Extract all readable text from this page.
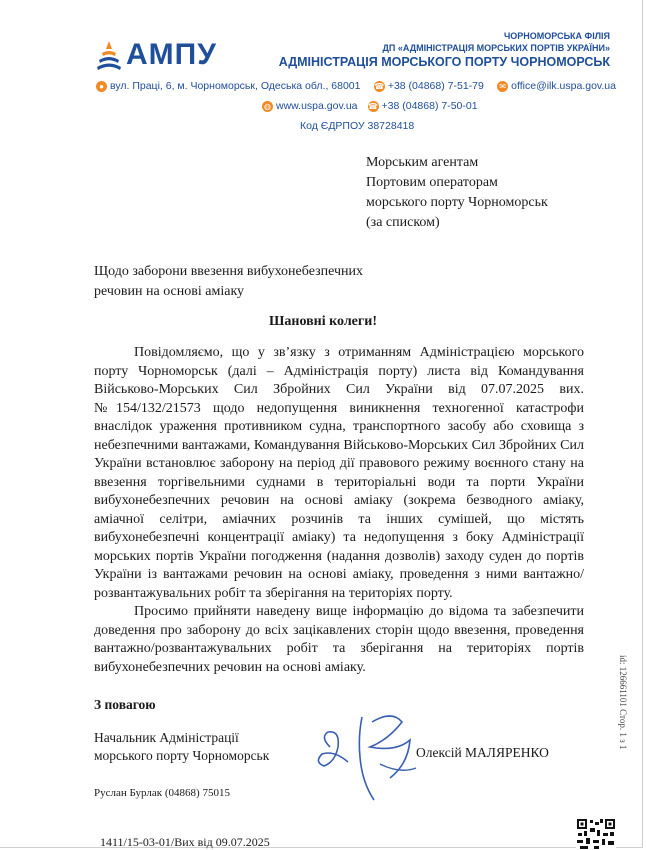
АМПУ
ЧОРНОМОРСЬКА ФІЛІЯ
ДП «АДМІНІСТРАЦІЯ МОРСЬКИХ ПОРТІВ УКРАЇНИ»
АДМІНІСТРАЦІЯ МОРСЬКОГО ПОРТУ ЧОРНОМОРСЬК
● вул. Праці, 6, м. Чорноморськ, Одеська обл., 68001 ☎ +38 (04868) 7-51-79 ✉ office@ilk.uspa.gov.ua
◍ www.uspa.gov.ua ☎ +38 (04868) 7-50-01
Код ЄДРПОУ 38728418
Морським агентам
Портовим операторам
морського порту Чорноморськ
(за списком)
Щодо заборони ввезення вибухонебезпечних
речовин на основі аміаку
Шановні колеги!

Повідомляємо, що у зв’язку з отриманням Адміністрацією морського порту Чорноморськ (далі – Адміністрація порту) листа від Командування Військово-Морських Сил Збройних Сил України від 07.07.2025 вих. №154/132/21573 щодо недопущення виникнення техногенної катастрофи внаслідок ураження противником судна, транспортного засобу або сховища з небезпечними вантажами, Командування Військово-Морських Сил Збройних Сил України встановлює заборону на період дії правового режиму воєнного стану на ввезення торгівельними суднами в територіальні води та порти України вибухонебезпечних речовин на основі аміаку (зокрема безводного аміаку, аміачної селітри, аміачних розчинів та інших сумішей, що містять вибухонебезпечні концентрації аміаку) та недопущення з боку Адміністрації морських портів України погодження (надання дозволів) заходу суден до портів України із вантажами речовин на основі аміаку, проведення з ними вантажно/розвантажувальних робіт та зберігання на територіях порту.

Просимо прийняти наведену вище інформацію до відома та забезпечити доведення про заборону до всіх зацікавлених сторін щодо ввезення, проведення вантажно/розвантажувальних робіт та зберігання на територіях портів вибухонебезпечних речовин на основі аміаку.

З повагою
Начальник Адміністрації
морського порту Чорноморськ	Олексій МАЛЯРЕНКО
Руслан Бурлак (04868) 75015
1411/15-03-01/Вих від 09.07.2025
id: 126661101 Стор. 1 з 1
